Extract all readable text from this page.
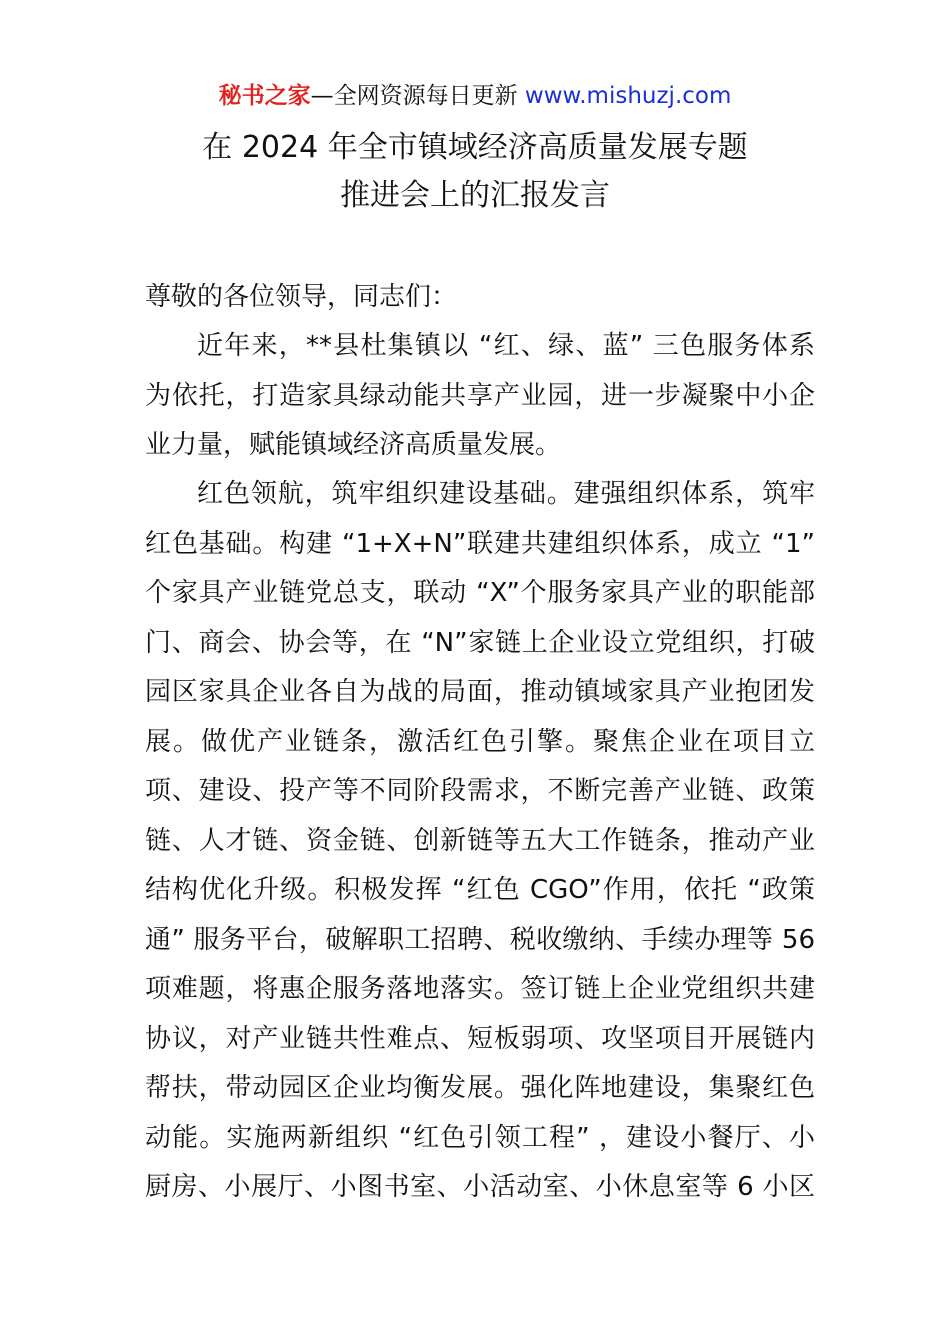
秘书之家—全网资源每日更新 www.mishuzj.com
在 2024 年全市镇域经济高质量发展专题
推进会上的汇报发言
尊敬的各位领导，同志们：
近年来，**县杜集镇以 “红、绿、蓝” 三色服务体系
为依托，打造家具绿动能共享产业园，进一步凝聚中小企
业力量，赋能镇域经济高质量发展。
红色领航，筑牢组织建设基础。建强组织体系，筑牢
红色基础。构建 “1+X+N”联建共建组织体系，成立 “1”
个家具产业链党总支，联动 “X”个服务家具产业的职能部
门、商会、协会等，在 “N”家链上企业设立党组织，打破
园区家具企业各自为战的局面，推动镇域家具产业抱团发
展。做优产业链条，激活红色引擎。聚焦企业在项目立
项、建设、投产等不同阶段需求，不断完善产业链、政策
链、人才链、资金链、创新链等五大工作链条，推动产业
结构优化升级。积极发挥 “红色 CGO”作用，依托 “政策
通” 服务平台，破解职工招聘、税收缴纳、手续办理等 56
项难题，将惠企服务落地落实。签订链上企业党组织共建
协议，对产业链共性难点、短板弱项、攻坚项目开展链内
帮扶，带动园区企业均衡发展。强化阵地建设，集聚红色
动能。实施两新组织 “红色引领工程” ，建设小餐厅、小
厨房、小展厅、小图书室、小活动室、小休息室等 6 小区
